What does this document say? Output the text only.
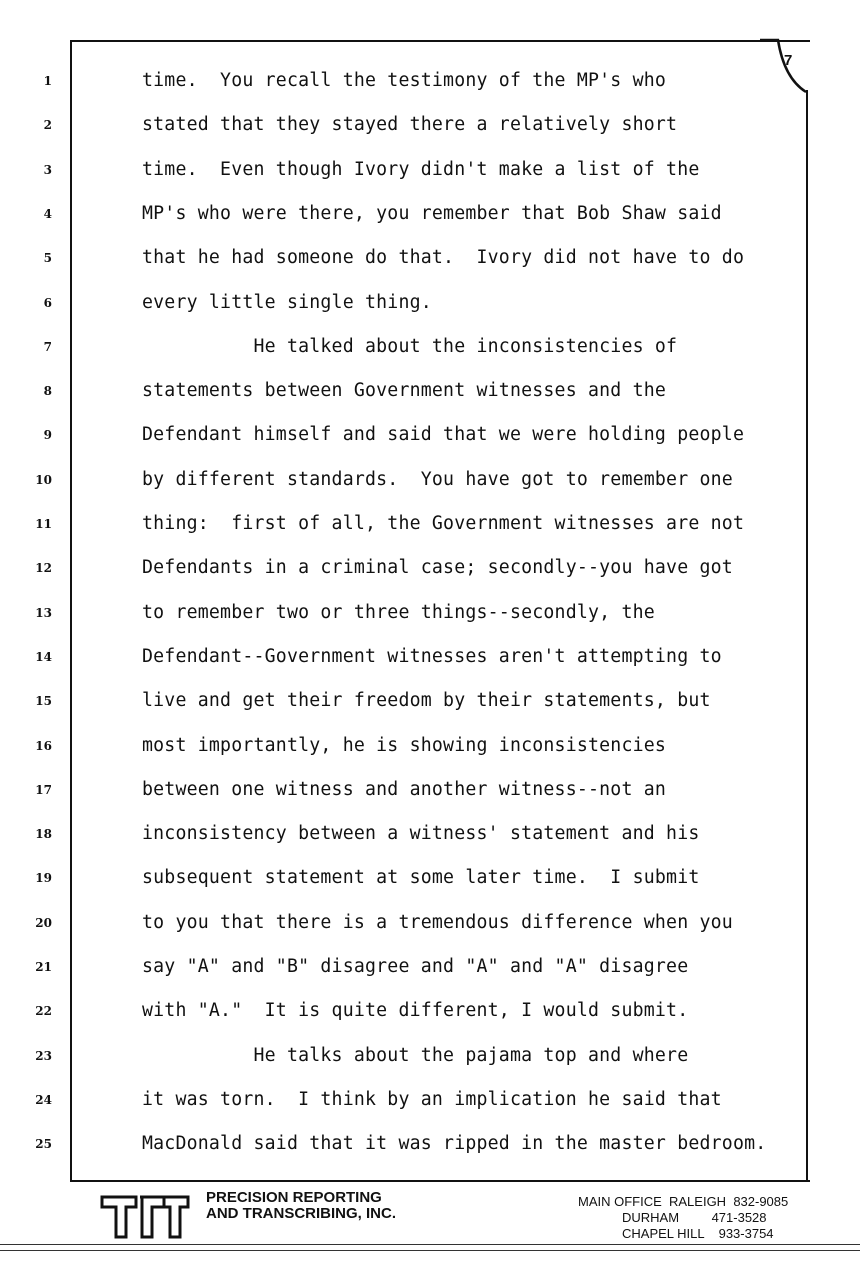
7
1	time.  You recall the testimony of the MP's who
2	stated that they stayed there a relatively short
3	time.  Even though Ivory didn't make a list of the
4	MP's who were there, you remember that Bob Shaw said
5	that he had someone do that.  Ivory did not have to do
6	every little single thing.
7	He talked about the inconsistencies of
8	statements between Government witnesses and the
9	Defendant himself and said that we were holding people
10	by different standards.  You have got to remember one
11	thing:  first of all, the Government witnesses are not
12	Defendants in a criminal case; secondly--you have got
13	to remember two or three things--secondly, the
14	Defendant--Government witnesses aren't attempting to
15	live and get their freedom by their statements, but
16	most importantly, he is showing inconsistencies
17	between one witness and another witness--not an
18	inconsistency between a witness' statement and his
19	subsequent statement at some later time.  I submit
20	to you that there is a tremendous difference when you
21	say "A" and "B" disagree and "A" and "A" disagree
22	with "A."  It is quite different, I would submit.
23	He talks about the pajama top and where
24	it was torn.  I think by an implication he said that
25	MacDonald said that it was ripped in the master bedroom.
PRECISION REPORTING
AND TRANSCRIBING, INC.
MAIN OFFICE  RALEIGH 832-9085
DURHAM	471-3528
CHAPEL HILL 933-3754
